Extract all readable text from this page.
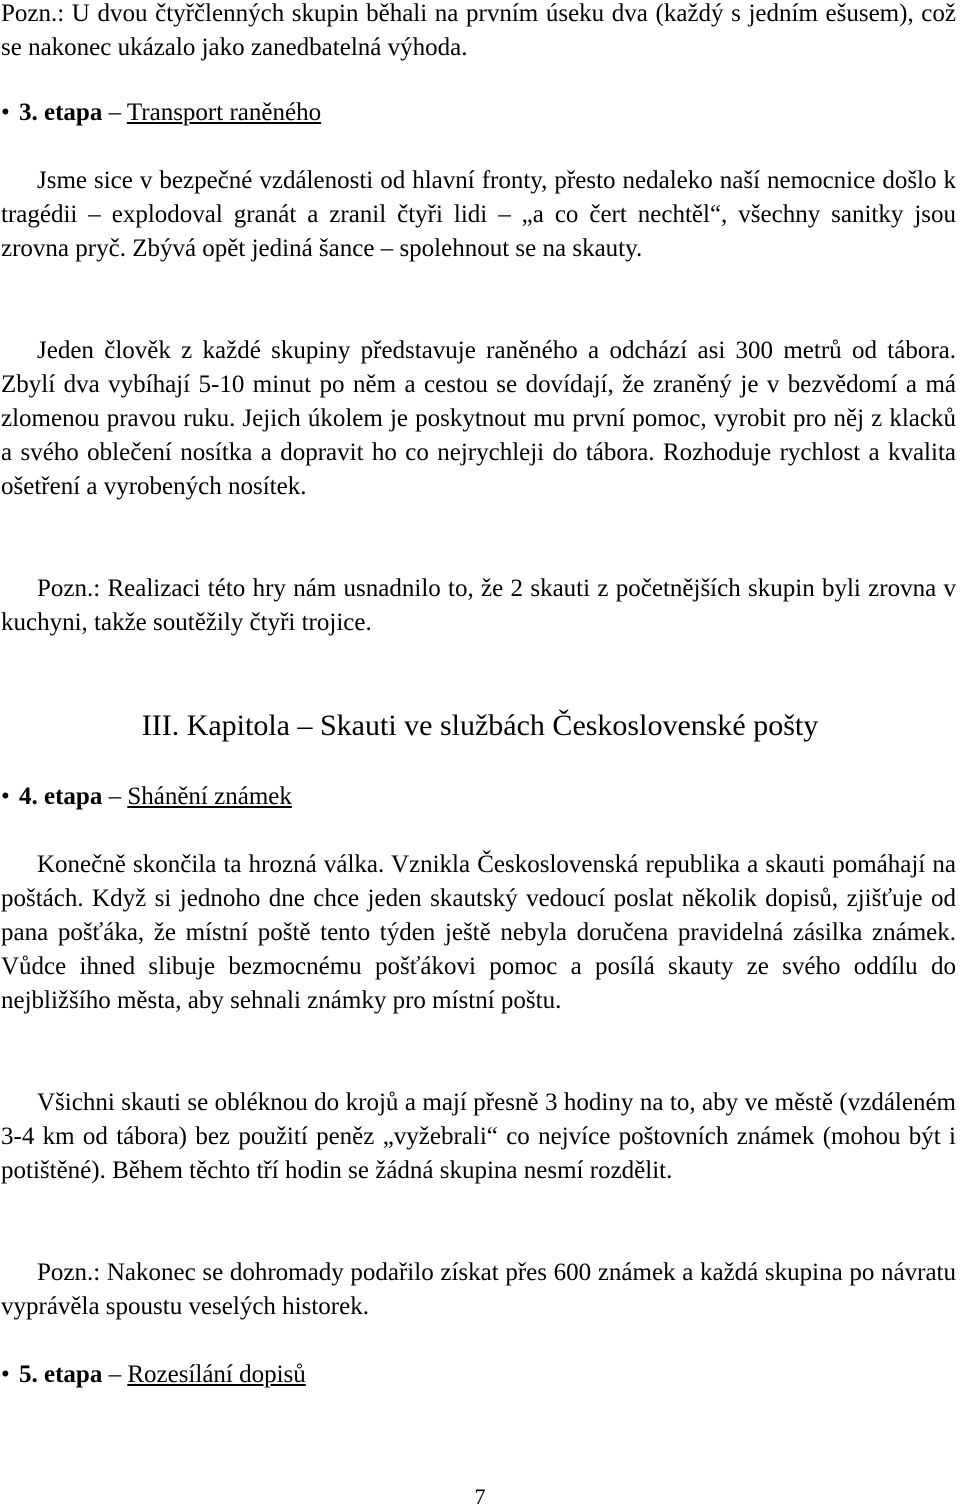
Pozn.: U dvou čtyřčlenných skupin běhali na prvním úseku dva (každý s jedním ešusem), což se nakonec ukázalo jako zanedbatelná výhoda.

• 3. etapa – Transport raněného

Jsme sice v bezpečné vzdálenosti od hlavní fronty, přesto nedaleko naší nemocnice došlo k tragédii – explodoval granát a zranil čtyři lidi – „a co čert nechtěl“, všechny sanitky jsou zrovna pryč. Zbývá opět jediná šance – spolehnout se na skauty.

Jeden člověk z každé skupiny představuje raněného a odchází asi 300 metrů od tábora. Zbylí dva vybíhají 5-10 minut po něm a cestou se dovídají, že zraněný je v bezvědomí a má zlomenou pravou ruku. Jejich úkolem je poskytnout mu první pomoc, vyrobit pro něj z klacků a svého oblečení nosítka a dopravit ho co nejrychleji do tábora. Rozhoduje rychlost a kvalita ošetření a vyrobených nosítek.

Pozn.: Realizaci této hry nám usnadnilo to, že 2 skauti z početnějších skupin byli zrovna v kuchyni, takže soutěžily čtyři trojice.

III. Kapitola – Skauti ve službách Československé pošty

• 4. etapa – Shánění známek

Konečně skončila ta hrozná válka. Vznikla Československá republika a skauti pomáhají na poštách. Když si jednoho dne chce jeden skautský vedoucí poslat několik dopisů, zjišťuje od pana pošťáka, že místní poště tento týden ještě nebyla doručena pravidelná zásilka známek. Vůdce ihned slibuje bezmocnému pošťákovi pomoc a posílá skauty ze svého oddílu do nejbližšího města, aby sehnali známky pro místní poštu.

Všichni skauti se obléknou do krojů a mají přesně 3 hodiny na to, aby ve městě (vzdáleném 3-4 km od tábora) bez použití peněz „vyžebrali“ co nejvíce poštovních známek (mohou být i potištěné). Během těchto tří hodin se žádná skupina nesmí rozdělit.

Pozn.: Nakonec se dohromady podařilo získat přes 600 známek a každá skupina po návratu vyprávěla spoustu veselých historek.

• 5. etapa – Rozesílání dopisů

7
